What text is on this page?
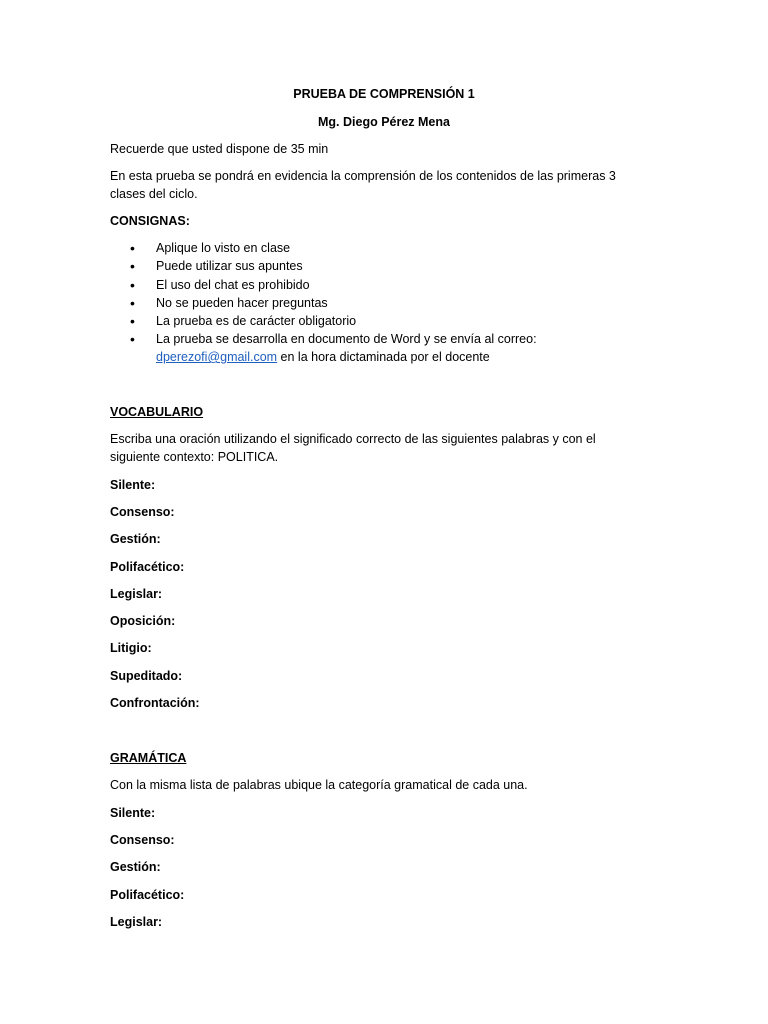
PRUEBA DE COMPRENSIÓN 1
Mg. Diego Pérez Mena
Recuerde que usted dispone de 35 min
En esta prueba se pondrá en evidencia la comprensión de los contenidos de las primeras 3
clases del ciclo.
CONSIGNAS:
• Aplique lo visto en clase
• Puede utilizar sus apuntes
• El uso del chat es prohibido
• No se pueden hacer preguntas
• La prueba es de carácter obligatorio
• La prueba se desarrolla en documento de Word y se envía al correo:
dperezofi@gmail.com en la hora dictaminada por el docente
VOCABULARIO
Escriba una oración utilizando el significado correcto de las siguientes palabras y con el
siguiente contexto: POLITICA.
Silente:
Consenso:
Gestión:
Polifacético:
Legislar:
Oposición:
Litigio:
Supeditado:
Confrontación:
GRAMÁTICA
Con la misma lista de palabras ubique la categoría gramatical de cada una.
Silente:
Consenso:
Gestión:
Polifacético:
Legislar:
